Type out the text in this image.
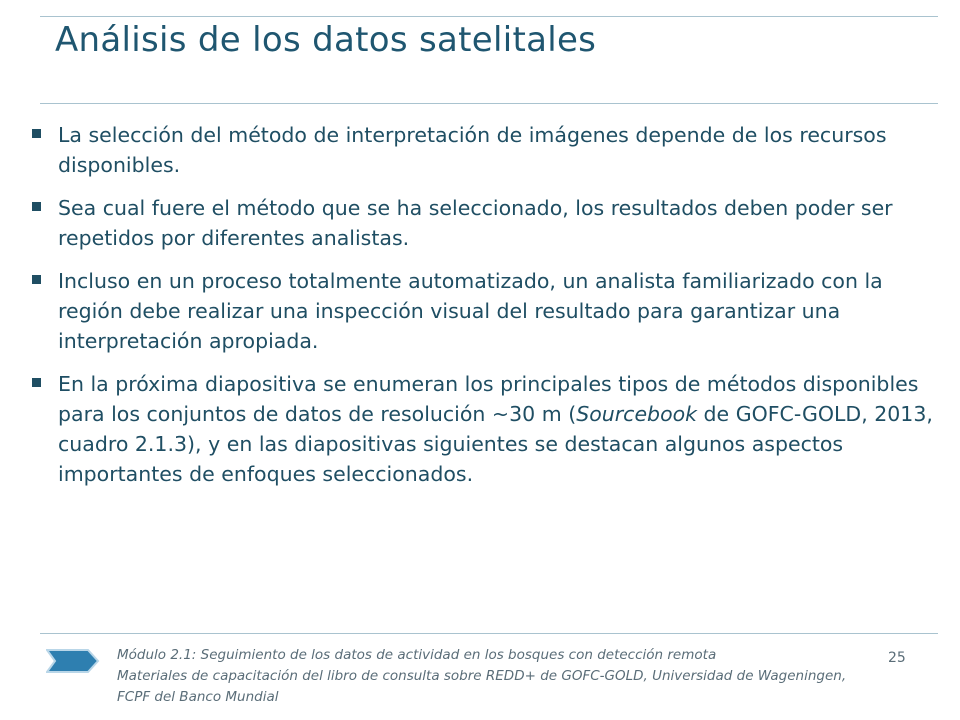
Análisis de los datos satelitales
La selección del método de interpretación de imágenes depende de los recursos disponibles.
Sea cual fuere el método que se ha seleccionado, los resultados deben poder ser repetidos por diferentes analistas.
Incluso en un proceso totalmente automatizado, un analista familiarizado con la región debe realizar una inspección visual del resultado para garantizar una interpretación apropiada.
En la próxima diapositiva se enumeran los principales tipos de métodos disponibles para los conjuntos de datos de resolución ~30 m (Sourcebook de GOFC-GOLD, 2013, cuadro 2.1.3), y en las diapositivas siguientes se destacan algunos aspectos importantes de enfoques seleccionados.
Módulo 2.1: Seguimiento de los datos de actividad en los bosques con detección remota
Materiales de capacitación del libro de consulta sobre REDD+ de GOFC-GOLD, Universidad de Wageningen, FCPF del Banco Mundial
25
